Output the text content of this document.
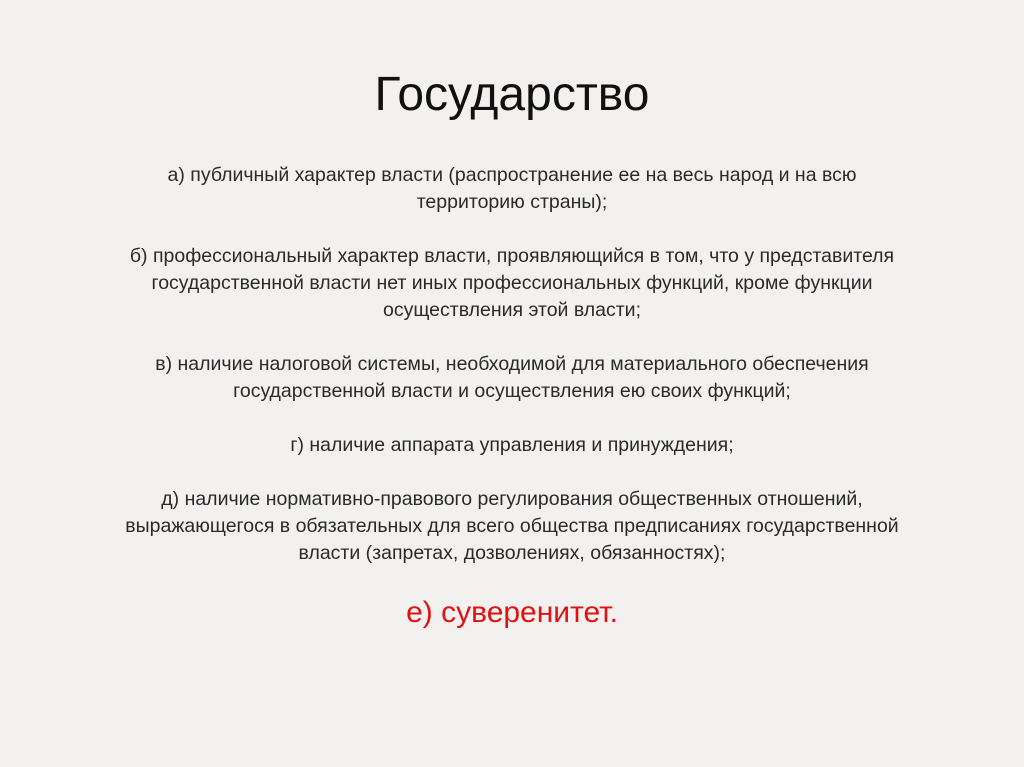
Государство
а) публичный характер власти (распространение ее на весь народ и на всю
территорию страны);
б) профессиональный характер власти, проявляющийся в том, что у представителя
государственной власти нет иных профессиональных функций, кроме функции
осуществления этой власти;
в) наличие налоговой системы, необходимой для материального обеспечения
государственной власти и осуществления ею своих функций;
г) наличие аппарата управления и принуждения;
д) наличие нормативно-правового регулирования общественных отношений,
выражающегося в обязательных для всего общества предписаниях государственной
власти (запретах, дозволениях, обязанностях);
е) суверенитет.
